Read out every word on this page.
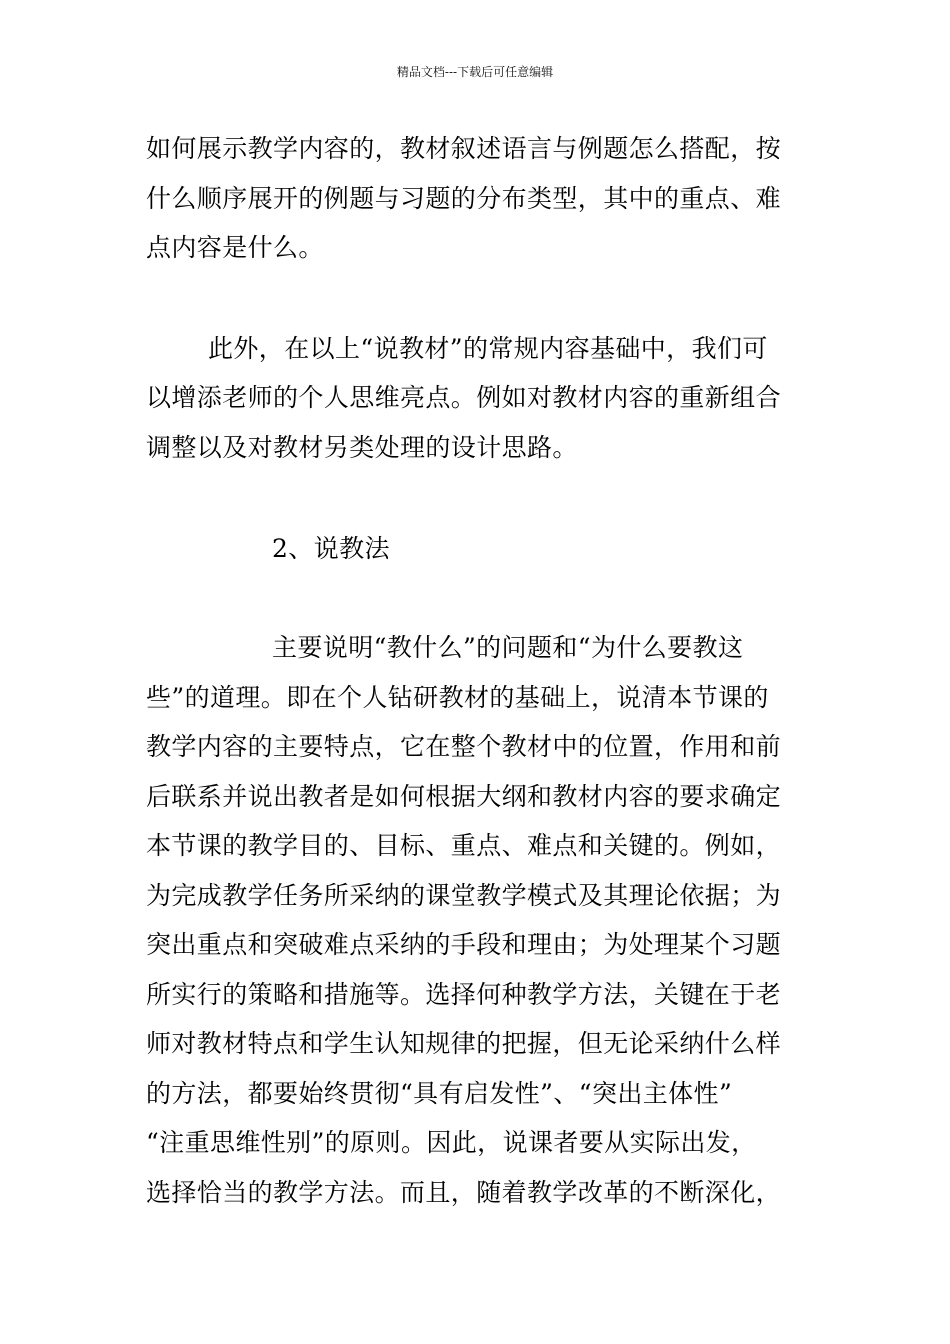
精品文档---下载后可任意编辑
如何展示教学内容的，教材叙述语言与例题怎么搭配，按
什么顺序展开的例题与习题的分布类型，其中的重点、难
点内容是什么。
此外，在以上“说教材”的常规内容基础中，我们可
以增添老师的个人思维亮点。例如对教材内容的重新组合
调整以及对教材另类处理的设计思路。
2、说教法
主要说明“教什么”的问题和“为什么要教这
些”的道理。即在个人钻研教材的基础上，说清本节课的
教学内容的主要特点，它在整个教材中的位置，作用和前
后联系并说出教者是如何根据大纲和教材内容的要求确定
本节课的教学目的、目标、重点、难点和关键的。例如，
为完成教学任务所采纳的课堂教学模式及其理论依据；为
突出重点和突破难点采纳的手段和理由；为处理某个习题
所实行的策略和措施等。选择何种教学方法，关键在于老
师对教材特点和学生认知规律的把握，但无论采纳什么样
的方法，都要始终贯彻“具有启发性”、“突出主体性”
“注重思维性别”的原则。因此，说课者要从实际出发，
选择恰当的教学方法。而且，随着教学改革的不断深化，
